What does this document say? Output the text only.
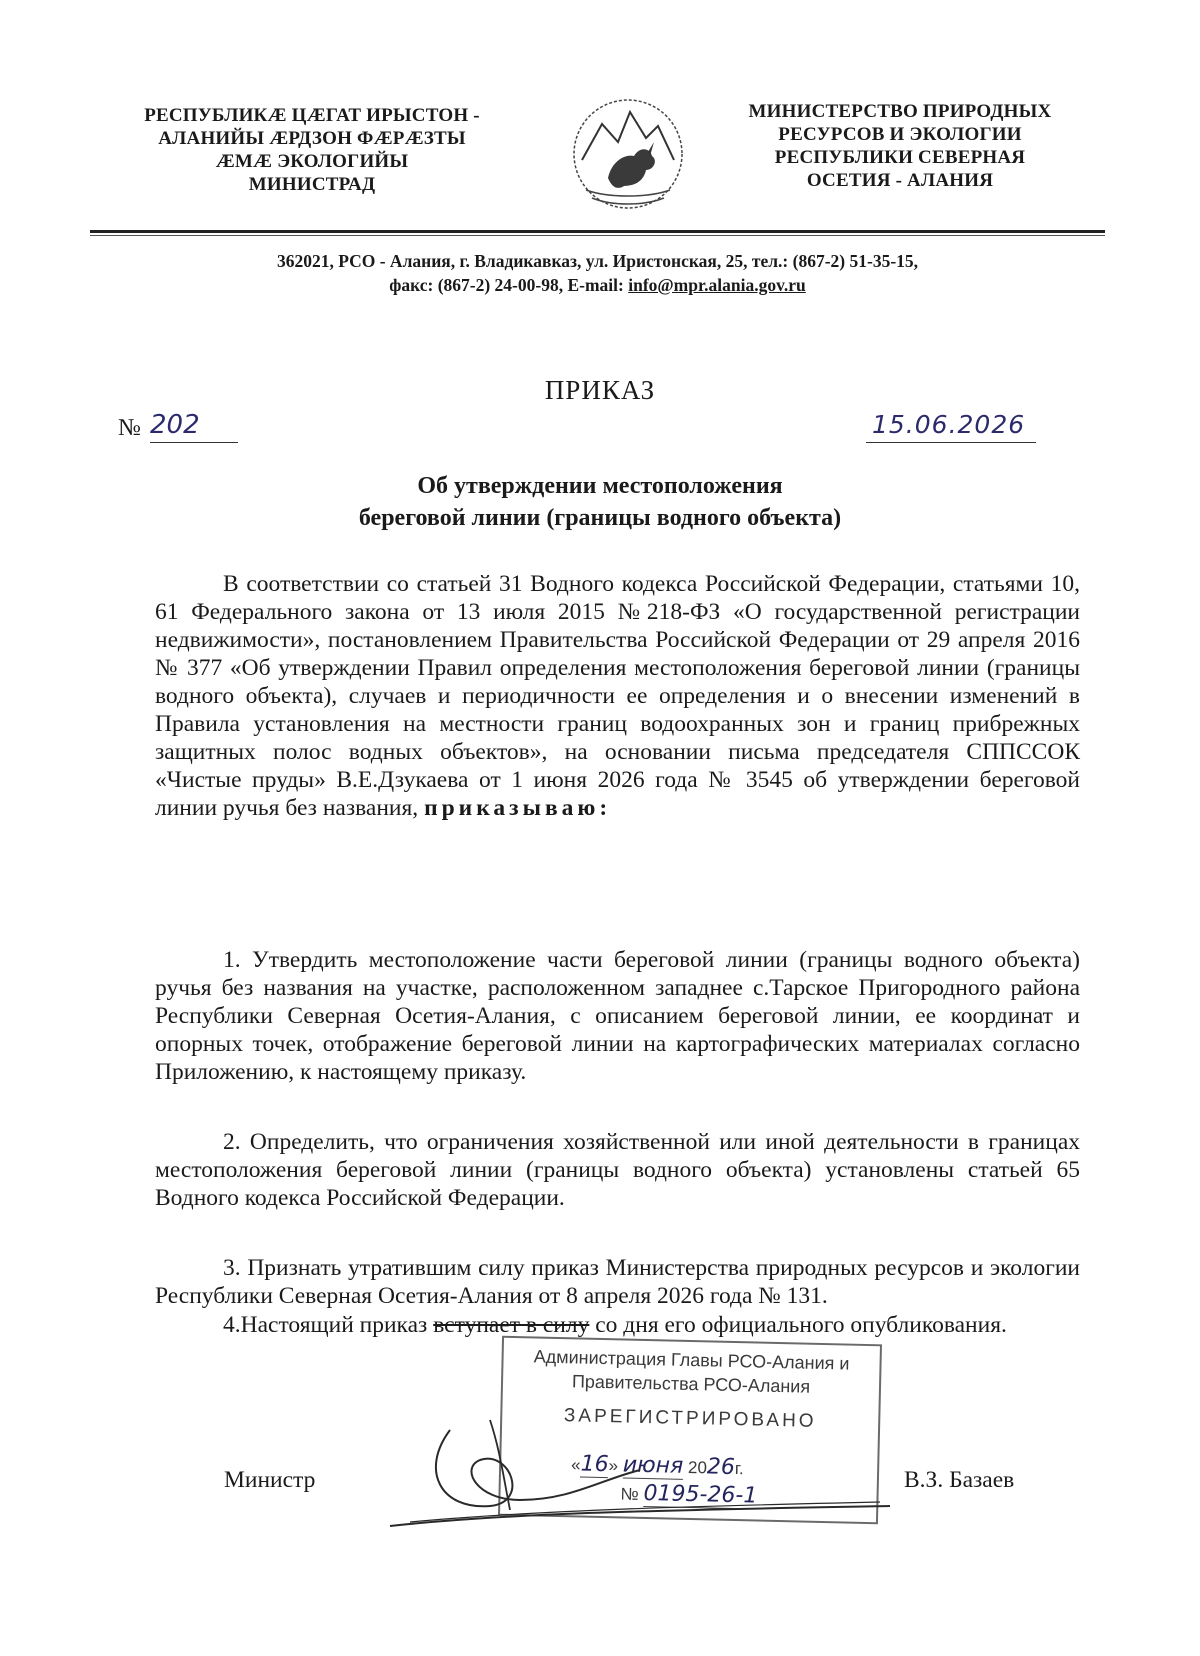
РЕСПУБЛИКӔ ЦӔГАТ ИРЫСТОН -
АЛАНИЙЫ ӔРДЗОН ФӔРӔЗТЫ
ӔМӔ ЭКОЛОГИЙЫ
МИНИСТРАД
МИНИСТЕРСТВО ПРИРОДНЫХ
РЕСУРСОВ И ЭКОЛОГИИ
РЕСПУБЛИКИ СЕВЕРНАЯ
ОСЕТИЯ - АЛАНИЯ
362021, РСО - Алания, г. Владикавказ, ул. Иристонская, 25, тел.: (867-2) 51-35-15,
факс: (867-2) 24-00-98, E-mail: info@mpr.alania.gov.ru
ПРИКАЗ
№ 202	15.06.2026
Об утверждении местоположения
береговой линии (границы водного объекта)
В соответствии со статьей 31 Водного кодекса Российской Федерации, статьями 10, 61 Федерального закона от 13 июля 2015 №218-ФЗ «О государственной регистрации недвижимости», постановлением Правительства Российской Федерации от 29 апреля 2016 № 377 «Об утверждении Правил определения местоположения береговой линии (границы водного объекта), случаев и периодичности ее определения и о внесении изменений в Правила установления на местности границ водоохранных зон и границ прибрежных защитных полос водных объектов», на основании письма председателя СППССОК «Чистые пруды» В.Е.Дзукаева от 1 июня 2026 года № 3545 об утверждении береговой линии ручья без названия, приказываю:
1. Утвердить местоположение части береговой линии (границы водного объекта) ручья без названия на участке, расположенном западнее с.Тарское Пригородного района Республики Северная Осетия-Алания, с описанием береговой линии, ее координат и опорных точек, отображение береговой линии на картографических материалах согласно Приложению, к настоящему приказу.
2. Определить, что ограничения хозяйственной или иной деятельности в границах местоположения береговой линии (границы водного объекта) установлены статьей 65 Водного кодекса Российской Федерации.
3. Признать утратившим силу приказ Министерства природных ресурсов и экологии Республики Северная Осетия-Алания от 8 апреля 2026 года № 131.
4.Настоящий приказ вступает в силу со дня его официального опубликования.
Администрация Главы РСО-Алания и
Правительства РСО-Алания
ЗАРЕГИСТРИРОВАНО
«16» июня 2026г.
№ 0195-26-1
Министр	В.З. Базаев
